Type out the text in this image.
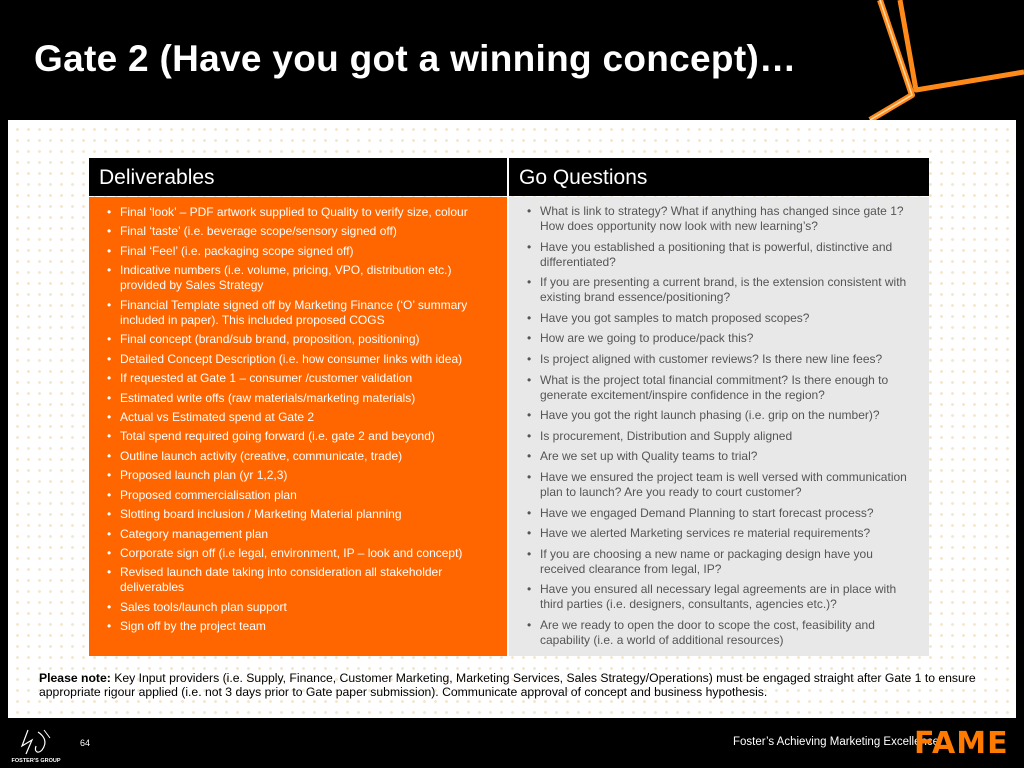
Gate 2 (Have you got a winning concept)…
Deliverables	Go Questions
• Final ‘look’ – PDF artwork supplied to Quality to verify size, colour
• Final ‘taste’ (i.e. beverage scope/sensory signed off)
• Final ‘Feel’ (i.e. packaging scope signed off)
• Indicative numbers (i.e. volume, pricing, VPO, distribution etc.) provided by Sales Strategy
• Financial Template signed off by Marketing Finance (‘O’ summary included in paper). This included proposed COGS
• Final concept (brand/sub brand, proposition, positioning)
• Detailed Concept Description (i.e. how consumer links with idea)
• If requested at Gate 1 – consumer /customer validation
• Estimated write offs (raw materials/marketing materials)
• Actual vs Estimated spend at Gate 2
• Total spend required going forward (i.e. gate 2 and beyond)
• Outline launch activity (creative, communicate, trade)
• Proposed launch plan (yr 1,2,3)
• Proposed commercialisation plan
• Slotting board inclusion / Marketing Material planning
• Category management plan
• Corporate sign off (i.e legal, environment, IP – look and concept)
• Revised launch date taking into consideration all stakeholder deliverables
• Sales tools/launch plan support
• Sign off by the project team
• What is link to strategy? What if anything has changed since gate 1? How does opportunity now look with new learning’s?
• Have you established a positioning that is powerful, distinctive and differentiated?
• If you are presenting a current brand, is the extension consistent with existing brand essence/positioning?
• Have you got samples to match proposed scopes?
• How are we going to produce/pack this?
• Is project aligned with customer reviews? Is there new line fees?
• What is the project total financial commitment? Is there enough to generate excitement/inspire confidence in the region?
• Have you got the right launch phasing (i.e. grip on the number)?
• Is procurement, Distribution and Supply aligned
• Are we set up with Quality teams to trial?
• Have we ensured the project team is well versed with communication plan to launch? Are you ready to court customer?
• Have we engaged Demand Planning to start forecast process?
• Have we alerted Marketing services re material requirements?
• If you are choosing a new name or packaging design have you received clearance from legal, IP?
• Have you ensured all necessary legal agreements are in place with third parties (i.e. designers, consultants, agencies etc.)?
• Are we ready to open the door to scope the cost, feasibility and capability (i.e. a world of additional resources)
Please note: Key Input providers (i.e. Supply, Finance, Customer Marketing, Marketing Services, Sales Strategy/Operations) must be engaged straight after Gate 1 to ensure appropriate rigour applied (i.e. not 3 days prior to Gate paper submission). Communicate approval of concept and business hypothesis.
FOSTER'S GROUP
64	Foster’s Achieving Marketing Excellence
FAME
